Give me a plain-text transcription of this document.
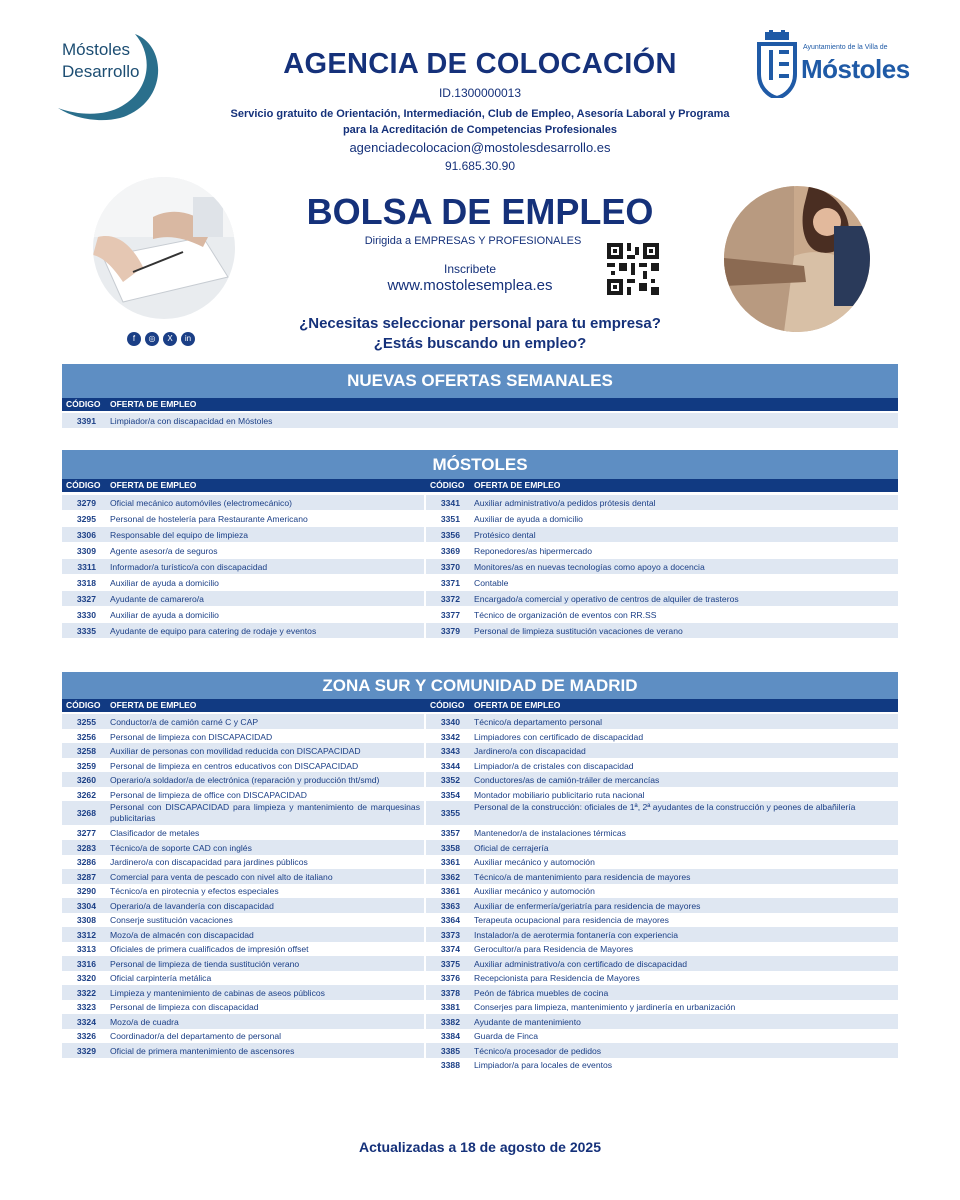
Móstoles
Desarrollo	AGENCIA DE COLOCACIÓN
ID.1300000013
Servicio gratuito de Orientación, Intermediación, Club de Empleo, Asesoría Laboral y Programa
para la Acreditación de Competencias Profesionales
agenciadecolocacion@mostolesdesarrollo.es
91.685.30.90
Ayuntamiento de la Villa de
Móstoles
f	◎	X	in
BOLSA DE EMPLEO
Dirigida a EMPRESAS Y PROFESIONALES
Inscribete
www.mostolesemplea.es
¿Necesitas seleccionar personal para tu empresa?
¿Estás buscando un empleo?
NUEVAS OFERTAS SEMANALES
CÓDIGO OFERTA DE EMPLEO
3391 Limpiador/a con discapacidad en Móstoles
MÓSTOLES
CÓDIGO OFERTA DE EMPLEO	CÓDIGO OFERTA DE EMPLEO
3279 Oficial mecánico automóviles (electromecánico)
3295 Personal de hostelería para Restaurante Americano
3306 Responsable del equipo de limpieza
3309 Agente asesor/a de seguros
3311 Informador/a turístico/a con discapacidad
3318 Auxiliar de ayuda a domicilio
3327 Ayudante de camarero/a
3330 Auxiliar de ayuda a domicilio
3335 Ayudante de equipo para catering de rodaje y eventos
3341 Auxiliar administrativo/a pedidos prótesis dental
3351 Auxiliar de ayuda a domicilio
3356 Protésico dental
3369 Reponedores/as hipermercado
3370 Monitores/as en nuevas tecnologías como apoyo a docencia
3371 Contable
3372 Encargado/a comercial y operativo de centros de alquiler de trasteros
3377 Técnico de organización de eventos con RR.SS
3379 Personal de limpieza sustitución vacaciones de verano
ZONA SUR Y COMUNIDAD DE MADRID
CÓDIGO OFERTA DE EMPLEO	CÓDIGO OFERTA DE EMPLEO
3255 Conductor/a de camión carné C y CAP
3256 Personal de limpieza con DISCAPACIDAD
3258 Auxiliar de personas con movilidad reducida con DISCAPACIDAD
3259 Personal de limpieza en centros educativos con DISCAPACIDAD
3260 Operario/a soldador/a de electrónica (reparación y producción tht/smd)
3262 Personal de limpieza de office con DISCAPACIDAD
3268
Personal con DISCAPACIDAD para limpieza y mantenimiento de marquesinas publicitarias
3277 Clasificador de metales
3283 Técnico/a de soporte CAD con inglés
3286 Jardinero/a con discapacidad para jardines públicos
3287 Comercial para venta de pescado con nivel alto de italiano
3290 Técnico/a en pirotecnia y efectos especiales
3304 Operario/a de lavandería con discapacidad
3308 Conserje sustitución vacaciones
3312 Mozo/a de almacén con discapacidad
3313 Oficiales de primera cualificados de impresión offset
3316 Personal de limpieza de tienda sustitución verano
3320 Oficial carpintería metálica
3322 Limpieza y mantenimiento de cabinas de aseos públicos
3323 Personal de limpieza con discapacidad
3324 Mozo/a de cuadra
3326 Coordinador/a del departamento de personal
3329 Oficial de primera mantenimiento de ascensores
3340 Técnico/a departamento personal
3342 Limpiadores con certificado de discapacidad
3343 Jardinero/a con discapacidad
3344 Limpiador/a de cristales con discapacidad
3352 Conductores/as de camión-tráiler de mercancías
3354 Montador mobiliario publicitario ruta nacional
3355
Personal de la construcción: oficiales de 1ª, 2ª ayudantes de la construcción y peones de albañilería
3357 Mantenedor/a de instalaciones térmicas
3358 Oficial de cerrajería
3361 Auxiliar mecánico y automoción
3362 Técnico/a de mantenimiento para residencia de mayores
3361 Auxiliar mecánico y automoción
3363 Auxiliar de enfermería/geriatría para residencia de mayores
3364 Terapeuta ocupacional para residencia de mayores
3373 Instalador/a de aerotermia fontanería con experiencia
3374 Gerocultor/a para Residencia de Mayores
3375 Auxiliar administrativo/a con certificado de discapacidad
3376 Recepcionista para Residencia de Mayores
3378 Peón de fábrica muebles de cocina
3381 Conserjes para limpieza, mantenimiento y jardinería en urbanización
3382 Ayudante de mantenimiento
3384 Guarda de Finca
3385 Técnico/a procesador de pedidos
3388 Limpiador/a para locales de eventos
Actualizadas a 18 de agosto de 2025
